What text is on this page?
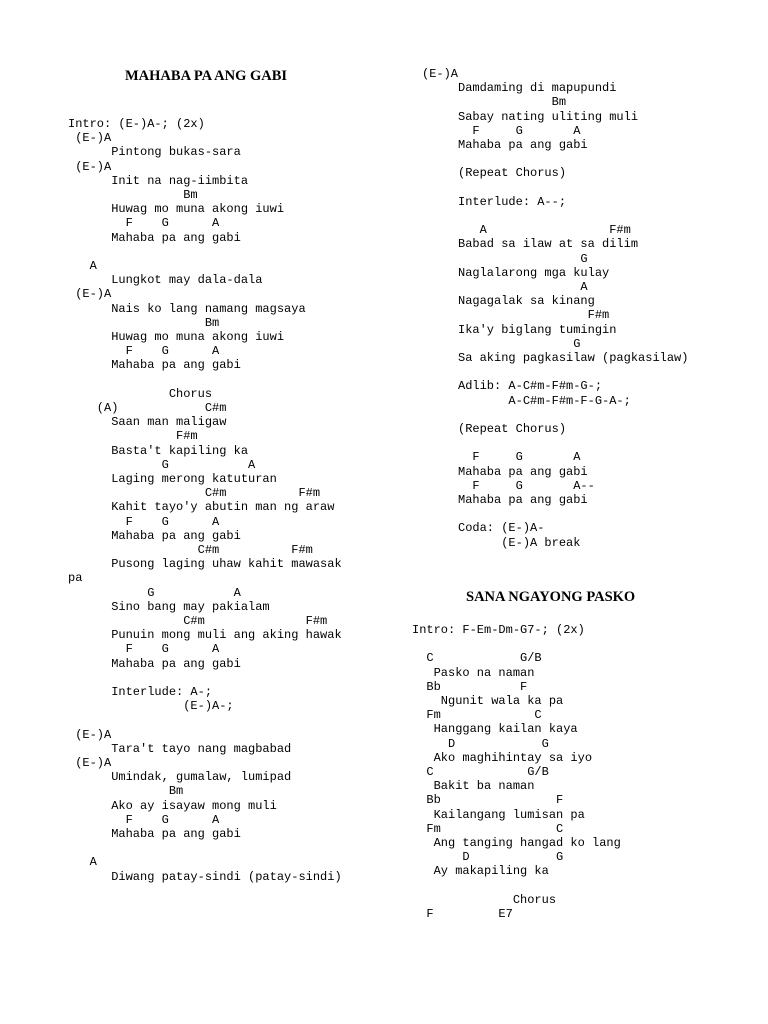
MAHABA PA ANG GABI
Intro: (E-)A-; (2x)
(E-)A
Pintong bukas-sara
(E-)A
Init na nag-iimbita
Bm
Huwag mo muna akong iuwi
F    G      A
Mahaba pa ang gabi
A
Lungkot may dala-dala
(E-)A
Nais ko lang namang magsaya
Bm
Huwag mo muna akong iuwi
F    G      A
Mahaba pa ang gabi
Chorus
(A)            C#m
Saan man maligaw
F#m
Basta't kapiling ka
G           A
Laging merong katuturan
C#m          F#m
Kahit tayo'y abutin man ng araw
F    G      A
Mahaba pa ang gabi
C#m          F#m
Pusong laging uhaw kahit mawasak
pa
G           A
Sino bang may pakialam
C#m              F#m
Punuin mong muli ang aking hawak
F    G      A
Mahaba pa ang gabi
Interlude: A-;
(E-)A-;
(E-)A
Tara't tayo nang magbabad
(E-)A
Umindak, gumalaw, lumipad
Bm
Ako ay isayaw mong muli
F    G      A
Mahaba pa ang gabi
A
Diwang patay-sindi (patay-sindi)
(E-)A
Damdaming di mapupundi
Bm
Sabay nating uliting muli
F     G       A
Mahaba pa ang gabi
(Repeat Chorus)
Interlude: A--;
A                 F#m
Babad sa ilaw at sa dilim
G
Naglalarong mga kulay
A
Nagagalak sa kinang
F#m
Ika'y biglang tumingin
G
Sa aking pagkasilaw (pagkasilaw)
Adlib: A-C#m-F#m-G-;
A-C#m-F#m-F-G-A-;
(Repeat Chorus)
F     G       A
Mahaba pa ang gabi
F     G       A--
Mahaba pa ang gabi
Coda: (E-)A-
(E-)A break
SANA NGAYONG PASKO
Intro: F-Em-Dm-G7-; (2x)
C            G/B
Pasko na naman
Bb           F
Ngunit wala ka pa
Fm             C
Hanggang kailan kaya
D            G
Ako maghihintay sa iyo
C             G/B
Bakit ba naman
Bb                F
Kailangang lumisan pa
Fm                C
Ang tanging hangad ko lang
D            G
Ay makapiling ka
Chorus
F         E7
